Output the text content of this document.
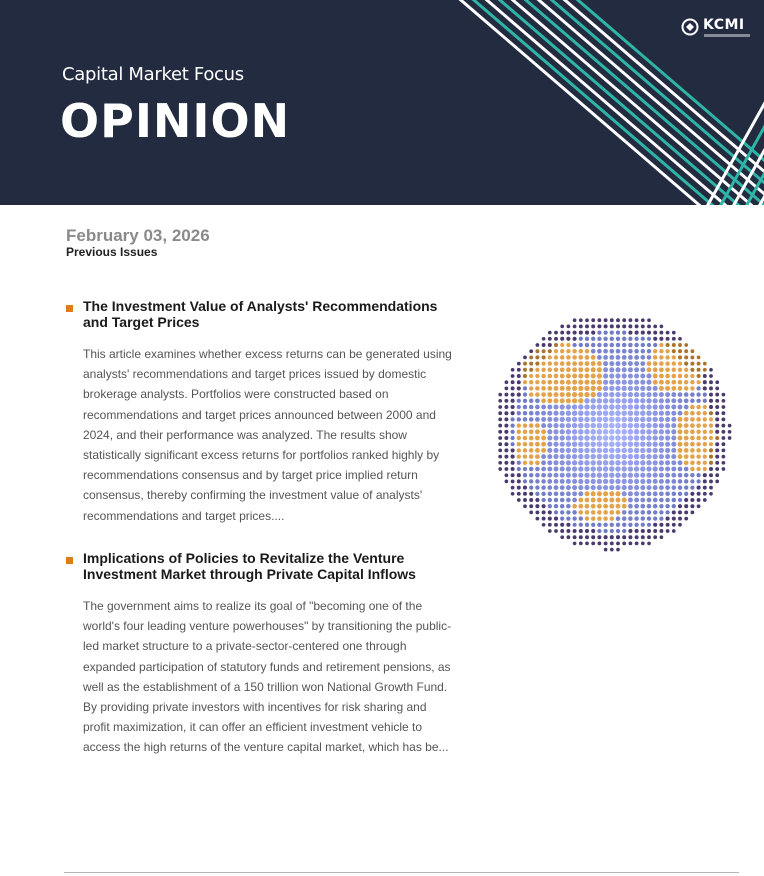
Capital Market Focus
OPINION
KCMI
February 03, 2026
Previous Issues
The Investment Value of Analysts' Recommendations and Target Prices
This article examines whether excess returns can be generated using analysts' recommendations and target prices issued by domestic brokerage analysts. Portfolios were constructed based on recommendations and target prices announced between 2000 and 2024, and their performance was analyzed. The results show statistically significant excess returns for portfolios ranked highly by recommendations consensus and by target price implied return consensus, thereby confirming the investment value of analysts' recommendations and target prices....
Implications of Policies to Revitalize the Venture Investment Market through Private Capital Inflows
The government aims to realize its goal of "becoming one of the world's four leading venture powerhouses" by transitioning the public-led market structure to a private-sector-centered one through expanded participation of statutory funds and retirement pensions, as well as the establishment of a 150 trillion won National Growth Fund. By providing private investors with incentives for risk sharing and profit maximization, it can offer an efficient investment vehicle to access the high returns of the venture capital market, which has be...
